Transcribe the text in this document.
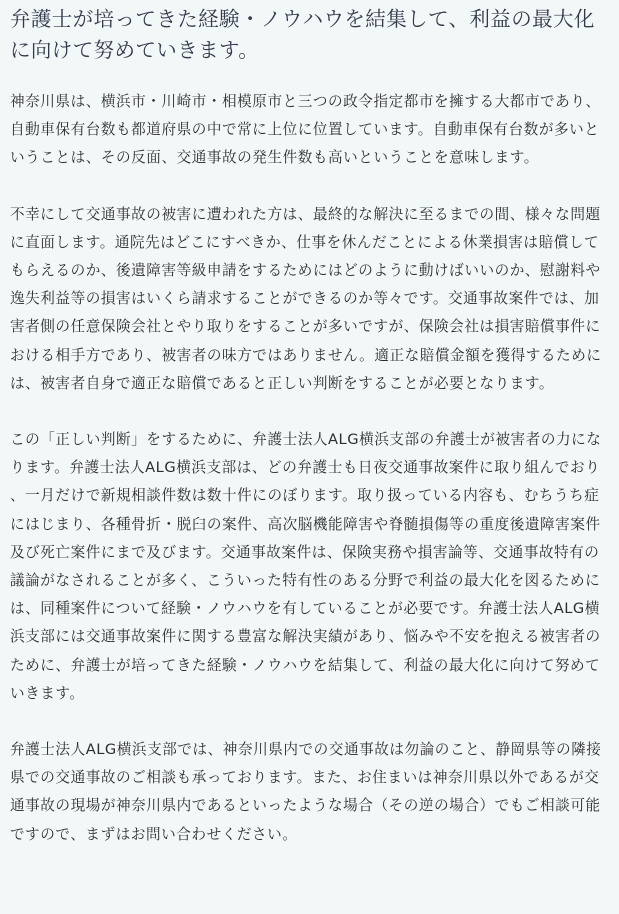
弁護士が培ってきた経験・ノウハウを結集して、利益の最大化に向けて努めていきます。

神奈川県は、横浜市・川崎市・相模原市と三つの政令指定都市を擁する大都市であり、自動車保有台数も都道府県の中で常に上位に位置しています。自動車保有台数が多いということは、その反面、交通事故の発生件数も高いということを意味します。

不幸にして交通事故の被害に遭われた方は、最終的な解決に至るまでの間、様々な問題に直面します。通院先はどこにすべきか、仕事を休んだことによる休業損害は賠償してもらえるのか、後遺障害等級申請をするためにはどのように動けばいいのか、慰謝料や逸失利益等の損害はいくら請求することができるのか等々です。交通事故案件では、加害者側の任意保険会社とやり取りをすることが多いですが、保険会社は損害賠償事件における相手方であり、被害者の味方ではありません。適正な賠償金額を獲得するためには、被害者自身で適正な賠償であると正しい判断をすることが必要となります。

この「正しい判断」をするために、弁護士法人ALG横浜支部の弁護士が被害者の力になります。弁護士法人ALG横浜支部は、どの弁護士も日夜交通事故案件に取り組んでおり、一月だけで新規相談件数は数十件にのぼります。取り扱っている内容も、むちうち症にはじまり、各種骨折・脱臼の案件、高次脳機能障害や脊髄損傷等の重度後遺障害案件及び死亡案件にまで及びます。交通事故案件は、保険実務や損害論等、交通事故特有の議論がなされることが多く、こういった特有性のある分野で利益の最大化を図るためには、同種案件について経験・ノウハウを有していることが必要です。弁護士法人ALG横浜支部には交通事故案件に関する豊富な解決実績があり、悩みや不安を抱える被害者のために、弁護士が培ってきた経験・ノウハウを結集して、利益の最大化に向けて努めていきます。

弁護士法人ALG横浜支部では、神奈川県内での交通事故は勿論のこと、静岡県等の隣接県での交通事故のご相談も承っております。また、お住まいは神奈川県以外であるが交通事故の現場が神奈川県内であるといったような場合（その逆の場合）でもご相談可能ですので、まずはお問い合わせください。
